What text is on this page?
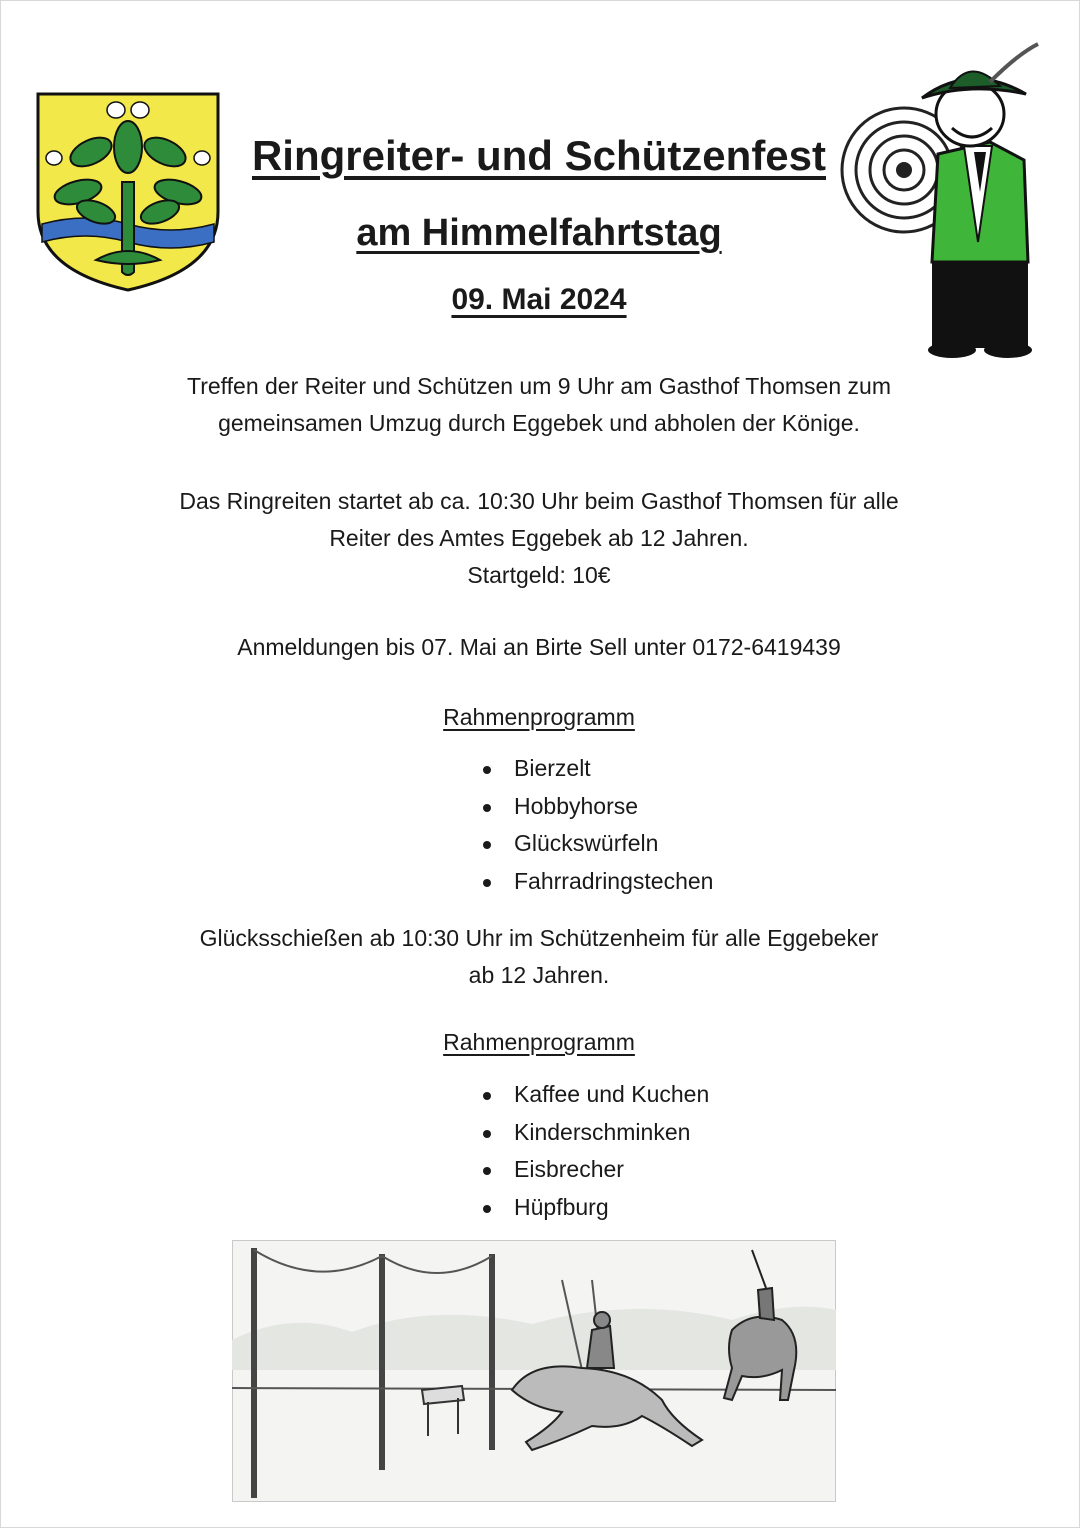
Ringreiter- und Schützenfest
am Himmelfahrtstag
09. Mai 2024
Treffen der Reiter und Schützen um 9 Uhr am Gasthof Thomsen zum
gemeinsamen Umzug durch Eggebek und abholen der Könige.
Das Ringreiten startet ab ca. 10:30 Uhr beim Gasthof Thomsen für alle
Reiter des Amtes Eggebek ab 12 Jahren.
Startgeld: 10€
Anmeldungen bis 07. Mai an Birte Sell unter 0172-6419439
Rahmenprogramm
Bierzelt
Hobbyhorse
Glückswürfeln
Fahrradringstechen
Glücksschießen ab 10:30 Uhr im Schützenheim für alle Eggebeker
ab 12 Jahren.
Rahmenprogramm
Kaffee und Kuchen
Kinderschminken
Eisbrecher
Hüpfburg
